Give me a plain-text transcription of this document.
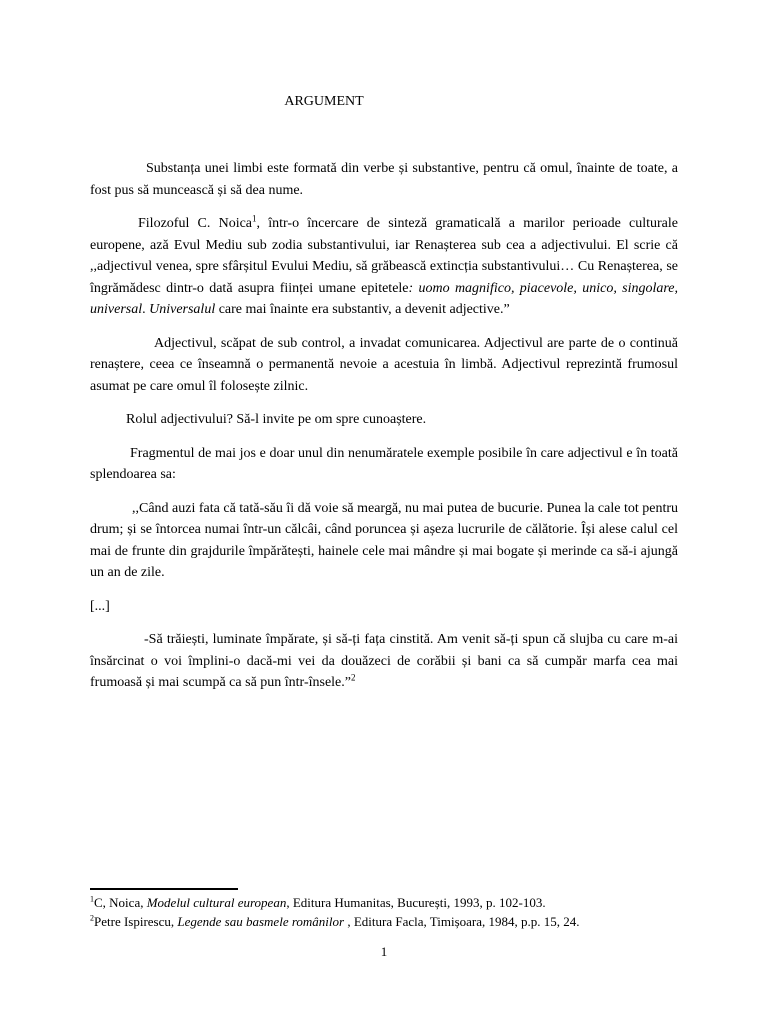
ARGUMENT

Substanța unei limbi este formată din verbe și substantive, pentru că omul, înainte de toate, a fost pus să muncească și să dea nume.

Filozoful C. Noica$^1$, într-o încercare de sinteză gramaticală a marilor perioade culturale europene, ază Evul Mediu sub zodia substantivului, iar Renașterea sub cea a adjectivului. El scrie că ,,adjectivul venea, spre sfârșitul Evului Mediu, să grăbească extincția substantivului… Cu Renașterea, se îngrămădesc dintr-o dată asupra ființei umane epitetele: uomo magnifico, piacevole, unico, singolare, universal. Universalul care mai înainte era substantiv, a devenit adjective.”

Adjectivul, scăpat de sub control, a invadat comunicarea. Adjectivul are parte de o continuă renaștere, ceea ce înseamnă o permanentă nevoie a acestuia în limbă. Adjectivul reprezintă frumosul asumat pe care omul îl folosește zilnic.

Rolul adjectivului? Să-l invite pe om spre cunoaștere.

Fragmentul de mai jos e doar unul din nenumăratele exemple posibile în care adjectivul e în toată splendoarea sa:

,,Când auzi fata că tată-său îi dă voie să meargă, nu mai putea de bucurie. Punea la cale tot pentru drum; și se întorcea numai într-un călcâi, când poruncea și așeza lucrurile de călătorie. Își alese calul cel mai de frunte din grajdurile împărătești, hainele cele mai mândre și mai bogate și merinde ca să-i ajungă un an de zile.

[...]

-Să trăiești, luminate împărate, și să-ți fața cinstită. Am venit să-ți spun că slujba cu care m-ai însărcinat o voi împlini-o dacă-mi vei da douăzeci de corăbii și bani ca să cumpăr marfa cea mai frumoasă și mai scumpă ca să pun într-însele.”$^2$

$^1$C, Noica, Modelul cultural european, Editura Humanitas, București, 1993, p. 102-103.
$^2$Petre Ispirescu, Legende sau basmele românilor , Editura Facla, Timișoara, 1984, p.p. 15, 24.
1
